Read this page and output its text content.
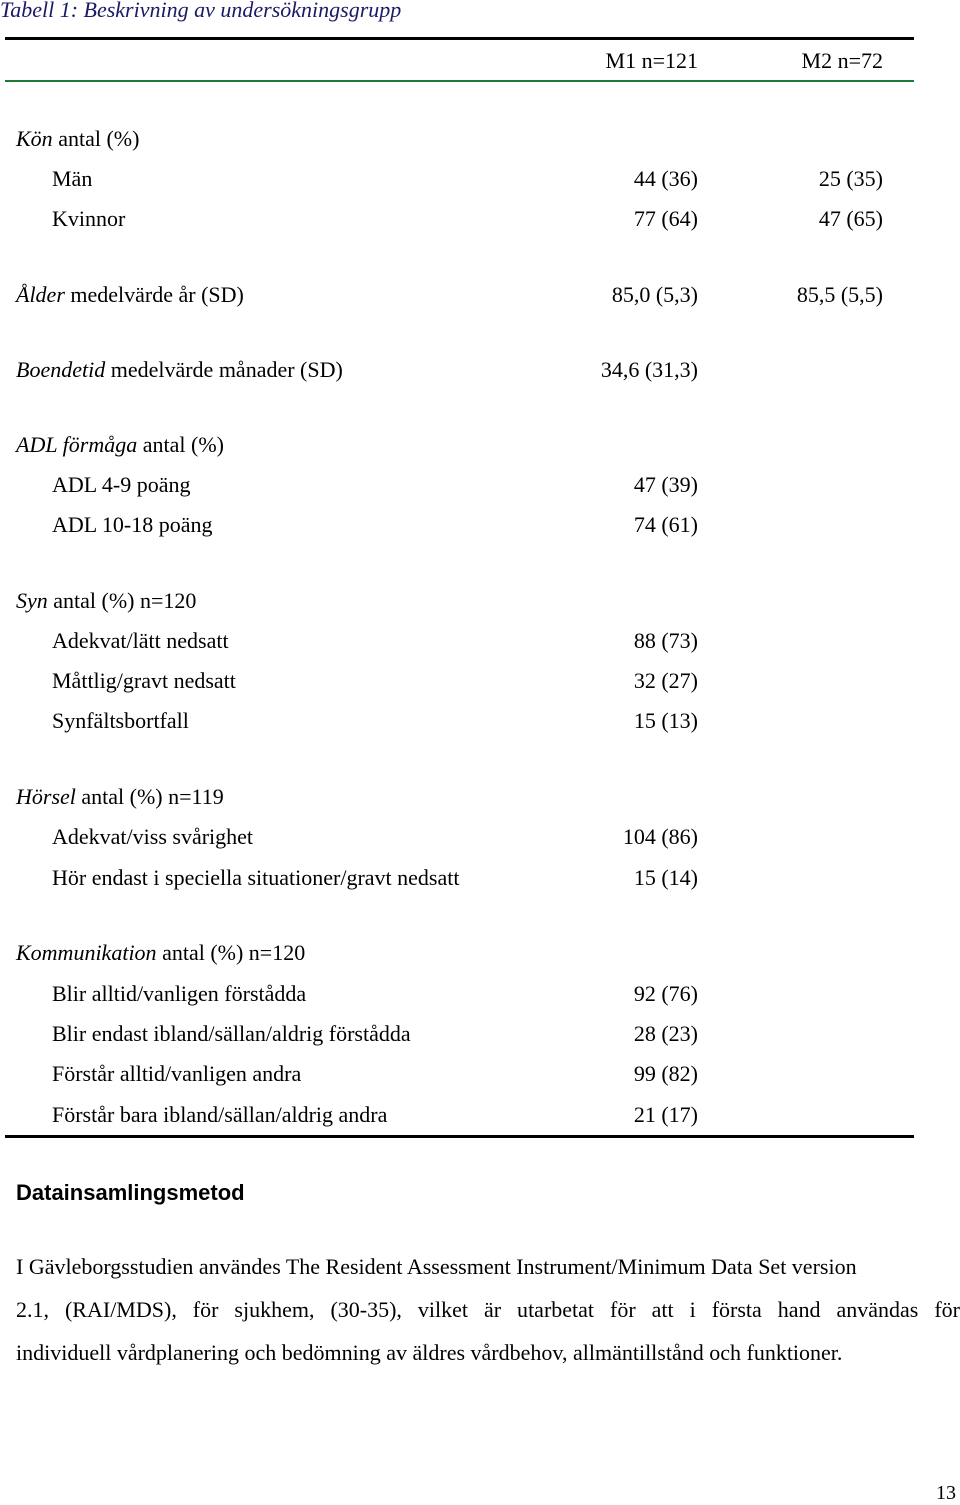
Tabell 1: Beskrivning av undersökningsgrupp
M1 n=121	M2 n=72
Kön antal (%)
Män	44 (36)	25 (35)
Kvinnor	77 (64)	47 (65)
Ålder medelvärde år (SD)	85,0 (5,3)	85,5 (5,5)
Boendetid medelvärde månader (SD)	34,6 (31,3)
ADL förmåga antal (%)
ADL 4-9 poäng	47 (39)
ADL 10-18 poäng	74 (61)
Syn antal (%) n=120
Adekvat/lätt nedsatt	88 (73)
Måttlig/gravt nedsatt	32 (27)
Synfältsbortfall	15 (13)
Hörsel antal (%) n=119
Adekvat/viss svårighet	104 (86)
Hör endast i speciella situationer/gravt nedsatt	15 (14)
Kommunikation antal (%) n=120
Blir alltid/vanligen förstådda	92 (76)
Blir endast ibland/sällan/aldrig förstådda	28 (23)
Förstår alltid/vanligen andra	99 (82)
Förstår bara ibland/sällan/aldrig andra	21 (17)
Datainsamlingsmetod
I Gävleborgsstudien användes The Resident Assessment Instrument/Minimum Data Set version
2.1, (RAI/MDS), för sjukhem, (30-35), vilket är utarbetat för att i första hand användas för
individuell vårdplanering och bedömning av äldres vårdbehov, allmäntillstånd och funktioner.
13
